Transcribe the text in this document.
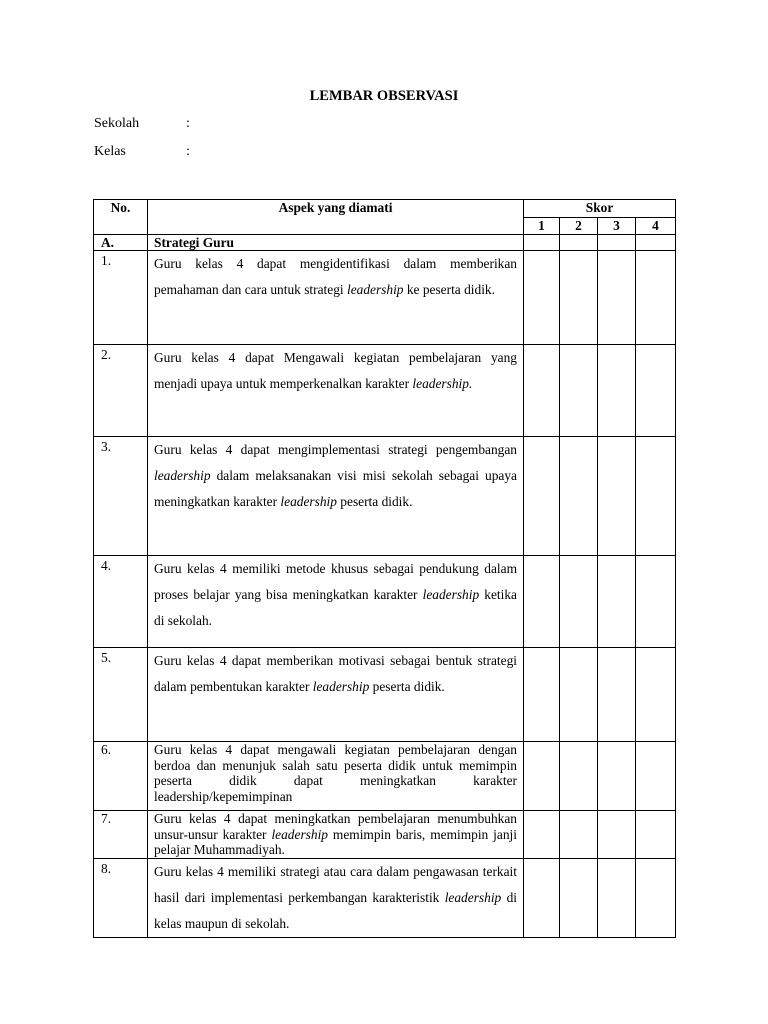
LEMBAR OBSERVASI
Sekolah	:
Kelas	:
No.	Aspek yang diamati	Skor			
		1	2	3	4
A.	Strategi Guru				
1.	Guru kelas 4 dapat mengidentifikasi dalam memberikan pemahaman dan cara untuk strategi leadership ke peserta didik.				
2.	Guru kelas 4 dapat Mengawali kegiatan pembelajaran yang menjadi upaya untuk memperkenalkan karakter leadership.				
3.	Guru kelas 4 dapat mengimplementasi strategi pengembangan leadership dalam melaksanakan visi misi sekolah sebagai upaya meningkatkan karakter leadership peserta didik.				
4.	Guru kelas 4 memiliki metode khusus sebagai pendukung dalam proses belajar yang bisa meningkatkan karakter leadership ketika di sekolah.				
5.	Guru kelas 4 dapat memberikan motivasi sebagai bentuk strategi dalam pembentukan karakter leadership peserta didik.				
6.	Guru kelas 4 dapat mengawali kegiatan pembelajaran dengan berdoa dan menunjuk salah satu peserta didik untuk memimpin peserta didik dapat meningkatkan karakter leadership/kepemimpinan				
7.	Guru kelas 4 dapat meningkatkan pembelajaran menumbuhkan unsur-unsur karakter leadership memimpin baris, memimpin janji pelajar Muhammadiyah.				
8.	Guru kelas 4 memiliki strategi atau cara dalam pengawasan terkait hasil dari implementasi perkembangan karakteristik leadership di kelas maupun di sekolah.				
